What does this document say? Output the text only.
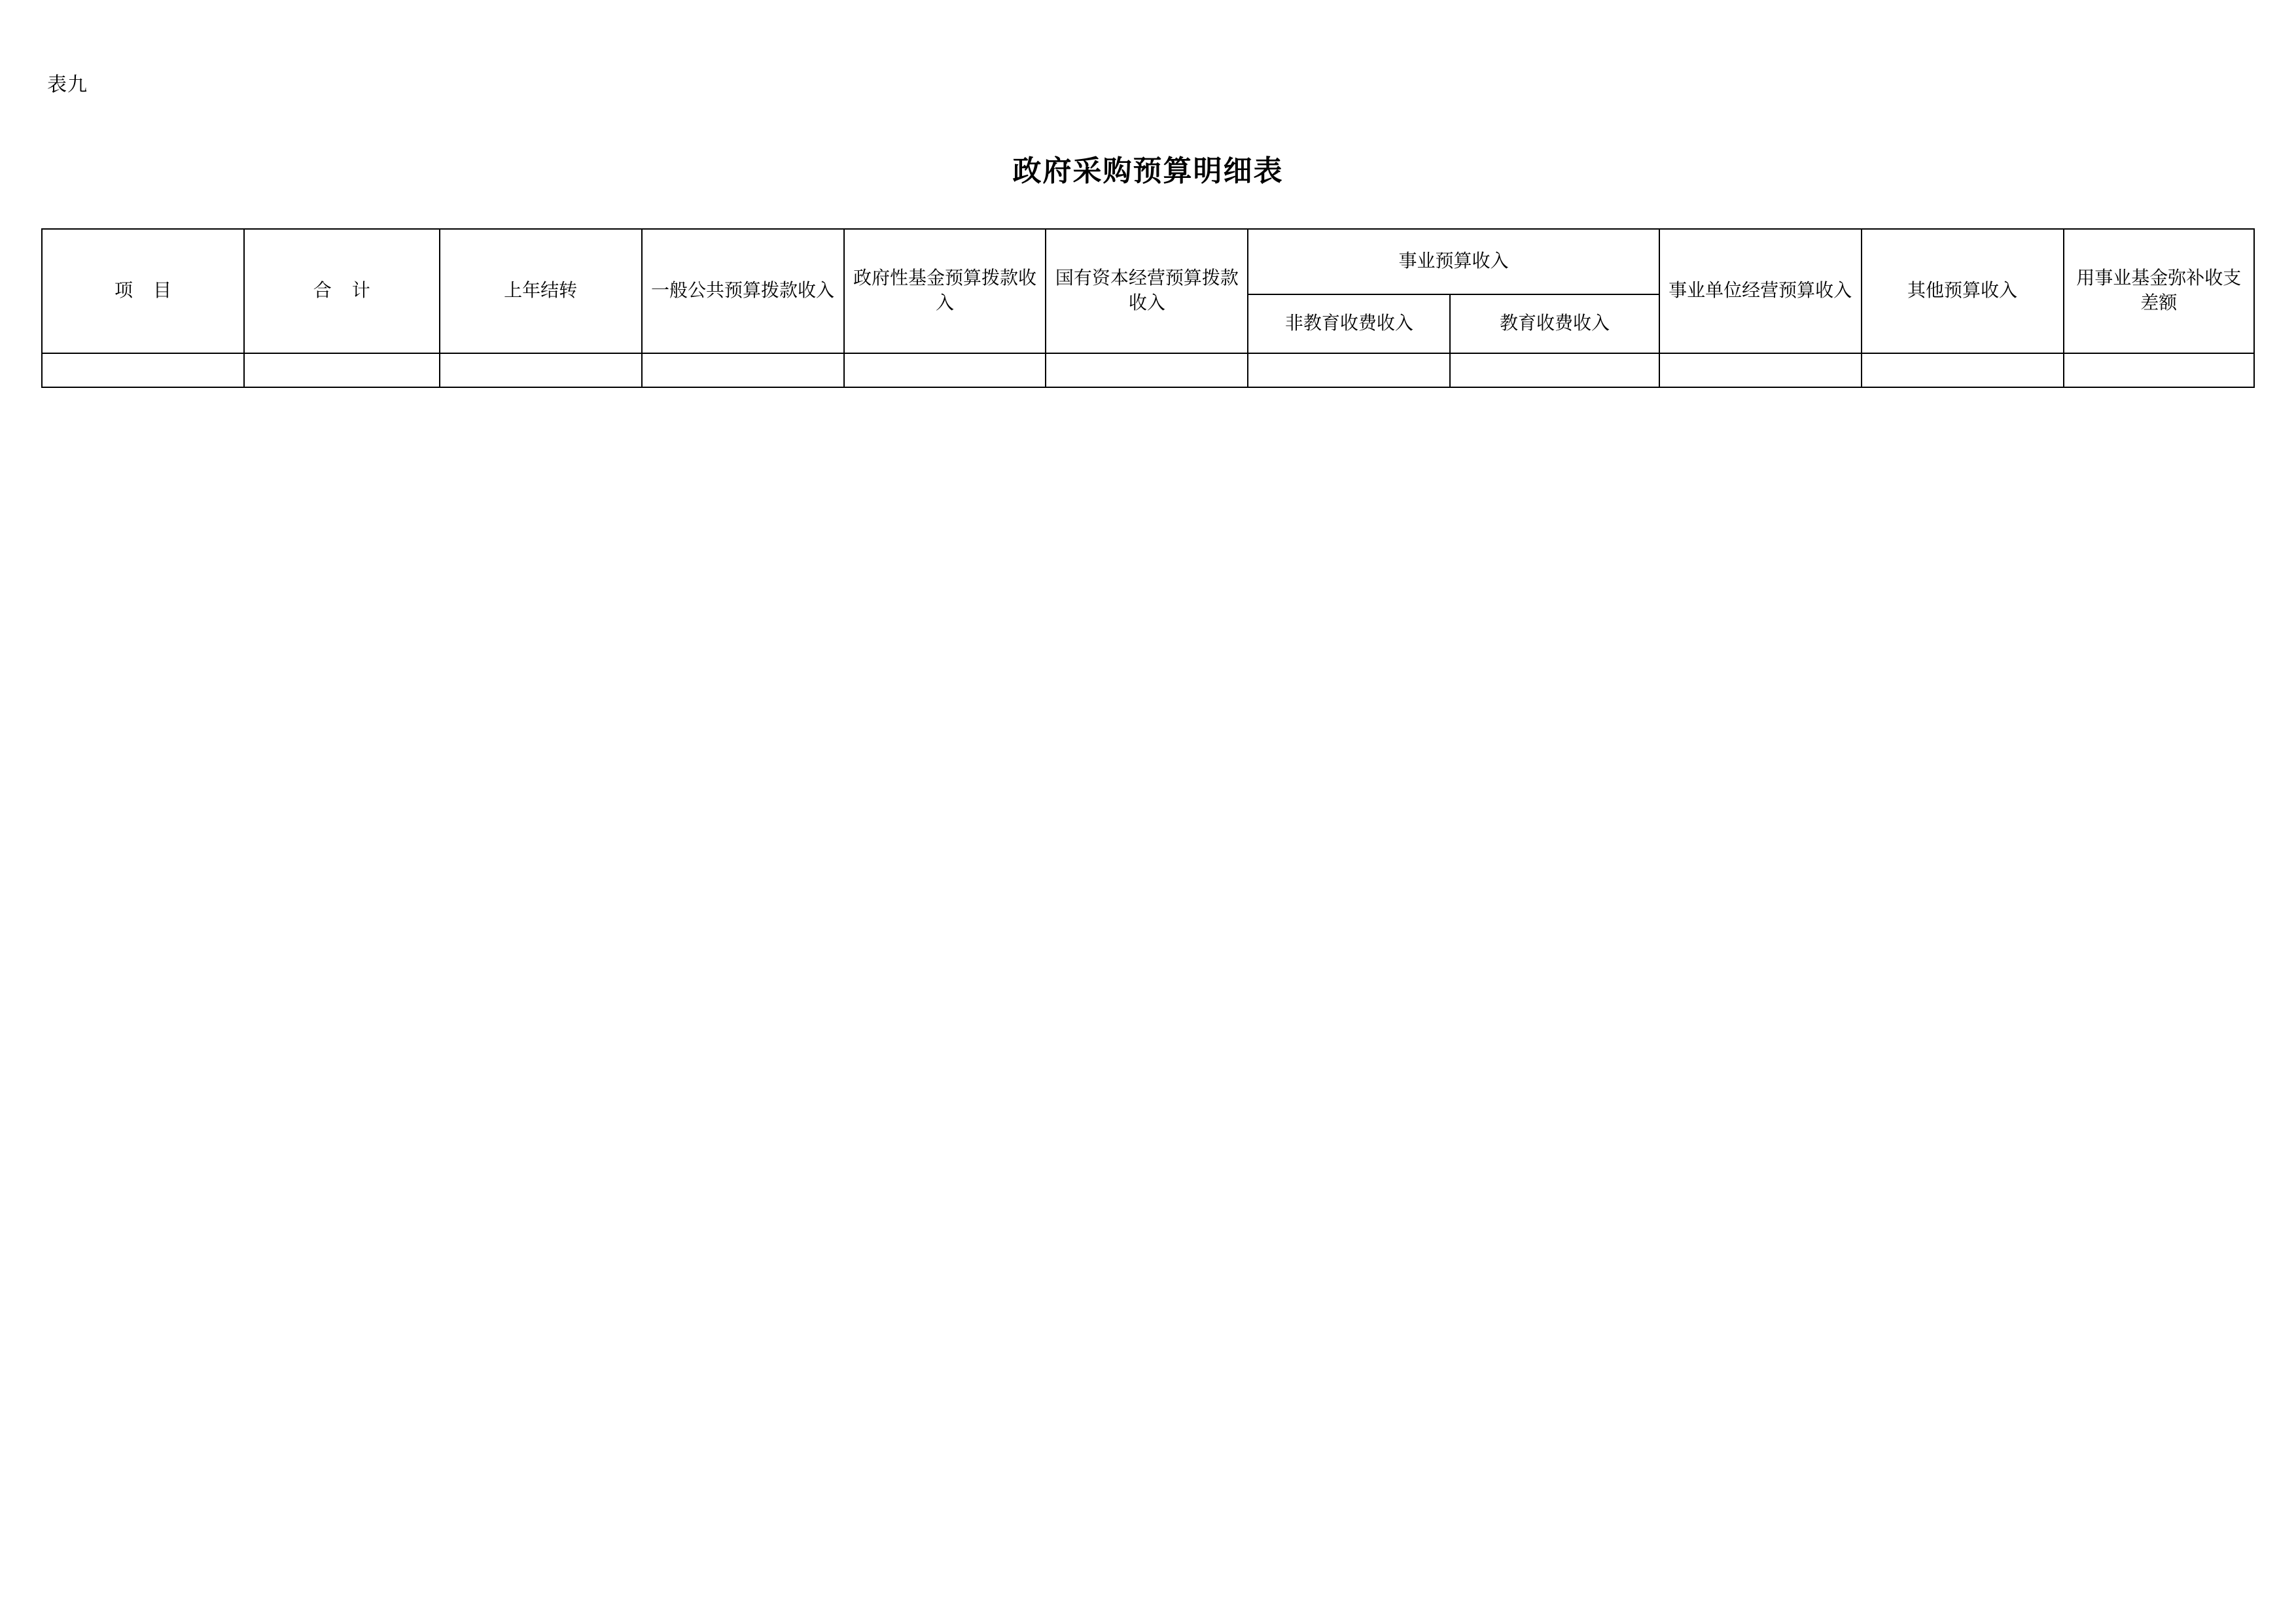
表九
政府采购预算明细表
项 目	合 计	上年结转	一般公共预算拨款收入	政府性基金预算拨款收入	国有资本经营预算拨款收入	事业预算收入		事业单位经营预算收入	其他预算收入	用事业基金弥补收支差额

						非教育收费收入	教育收费收入			
